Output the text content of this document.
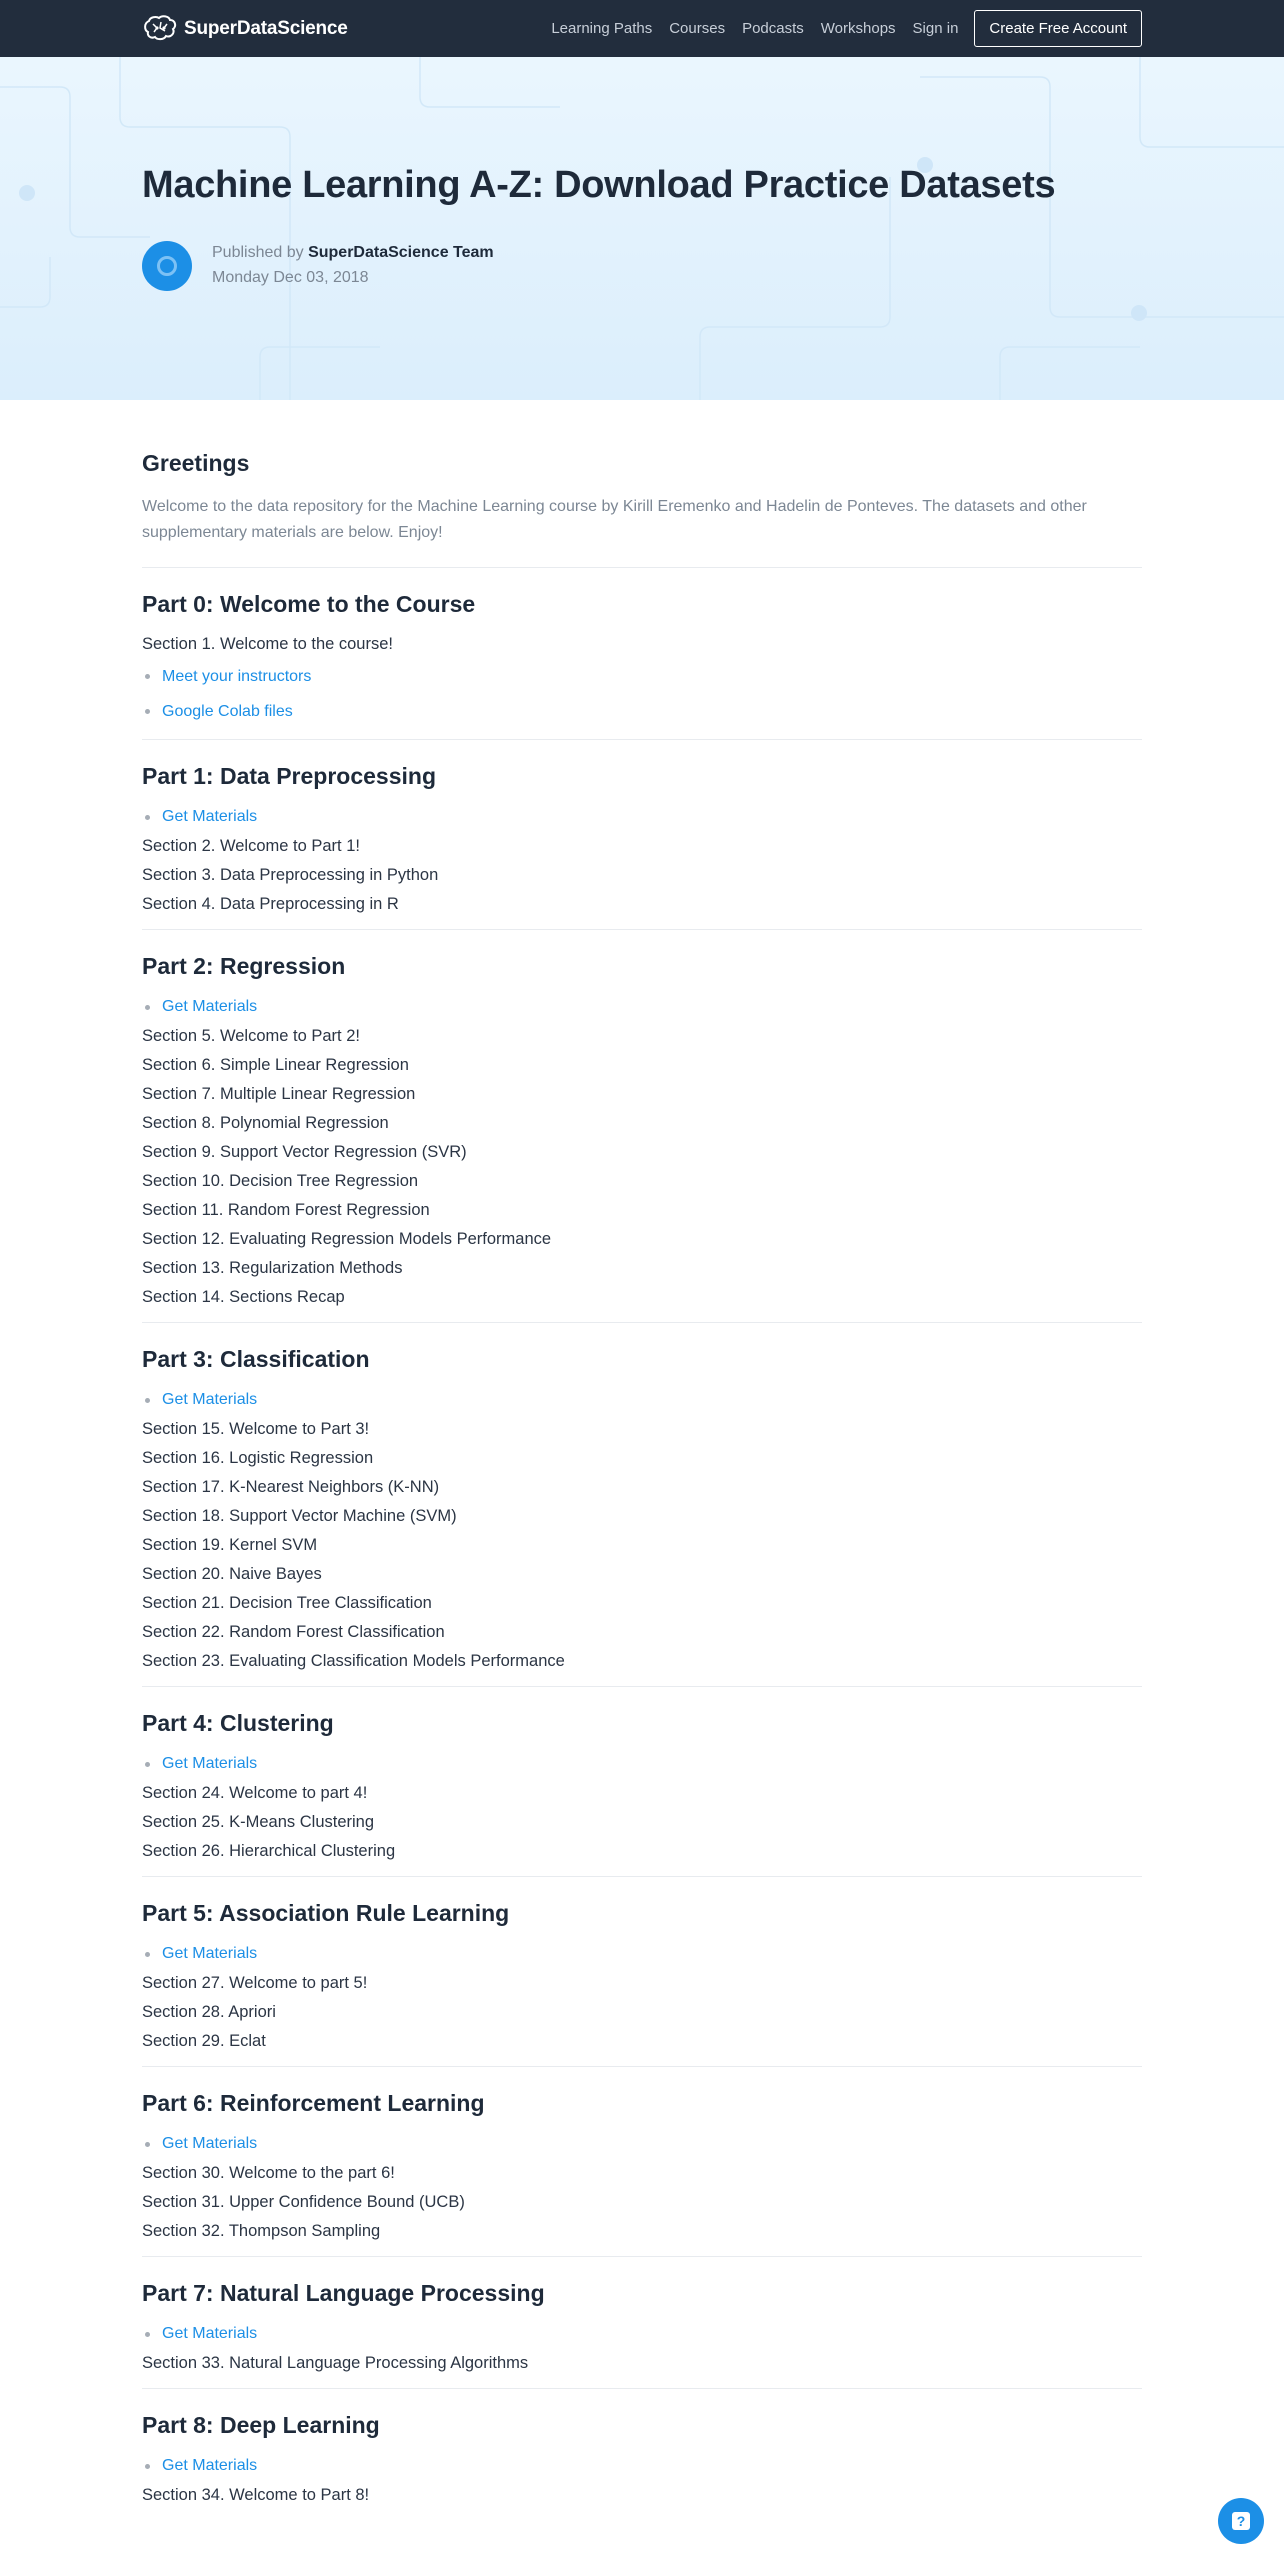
SuperDataScience	Learning Paths Courses Podcasts Workshops Sign in	Create Free Account
Machine Learning A-Z: Download Practice Datasets
Published by SuperDataScience Team
Monday Dec 03, 2018
Greetings

Welcome to the data repository for the Machine Learning course by Kirill Eremenko and Hadelin de Ponteves. The datasets and other supplementary materials are below. Enjoy!

Part 0: Welcome to the Course
Section 1. Welcome to the course!
Meet your instructors
Google Colab files
Part 1: Data Preprocessing
Get Materials
Section 2. Welcome to Part 1!
Section 3. Data Preprocessing in Python
Section 4. Data Preprocessing in R
Part 2: Regression
Get Materials
Section 5. Welcome to Part 2!
Section 6. Simple Linear Regression
Section 7. Multiple Linear Regression
Section 8. Polynomial Regression
Section 9. Support Vector Regression (SVR)
Section 10. Decision Tree Regression
Section 11. Random Forest Regression
Section 12. Evaluating Regression Models Performance
Section 13. Regularization Methods
Section 14. Sections Recap
Part 3: Classification
Get Materials
Section 15. Welcome to Part 3!
Section 16. Logistic Regression
Section 17. K-Nearest Neighbors (K-NN)
Section 18. Support Vector Machine (SVM)
Section 19. Kernel SVM
Section 20. Naive Bayes
Section 21. Decision Tree Classification
Section 22. Random Forest Classification
Section 23. Evaluating Classification Models Performance
Part 4: Clustering
Get Materials
Section 24. Welcome to part 4!
Section 25. K-Means Clustering
Section 26. Hierarchical Clustering
Part 5: Association Rule Learning
Get Materials
Section 27. Welcome to part 5!
Section 28. Apriori
Section 29. Eclat
Part 6: Reinforcement Learning
Get Materials
Section 30. Welcome to the part 6!
Section 31. Upper Confidence Bound (UCB)
Section 32. Thompson Sampling
Part 7: Natural Language Processing
Get Materials
Section 33. Natural Language Processing Algorithms
Part 8: Deep Learning
Get Materials
Section 34. Welcome to Part 8!
?
